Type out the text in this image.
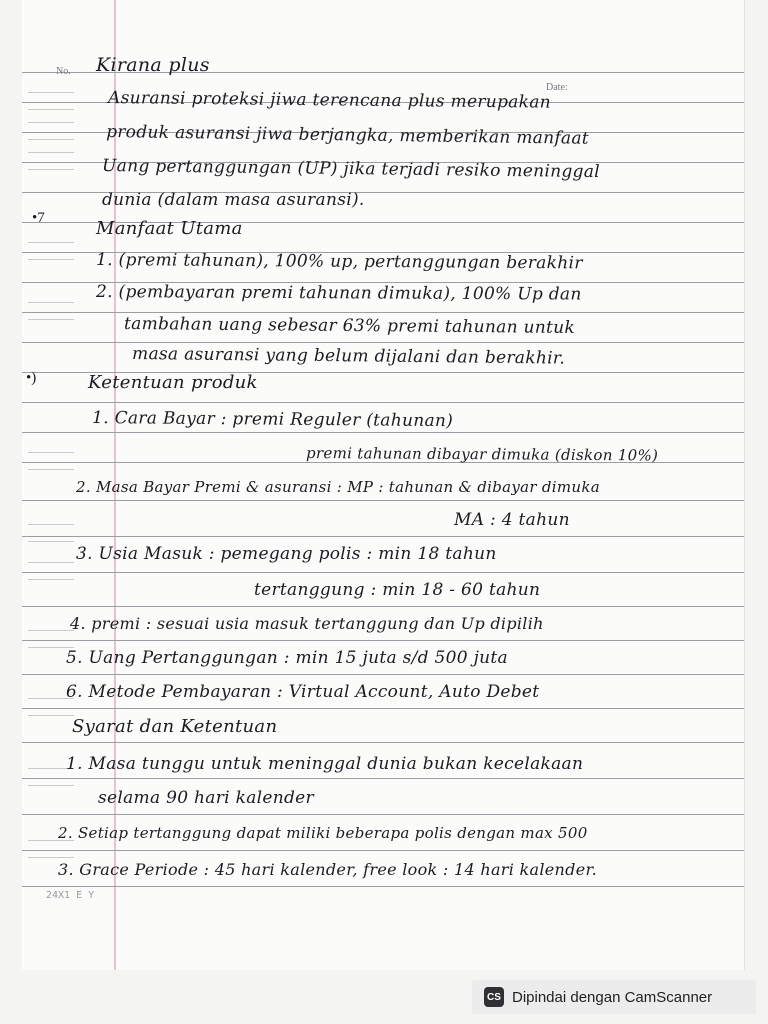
No.
Date:
•7
•)
Kirana plus
Asuransi proteksi jiwa terencana plus merupakan
produk asuransi jiwa berjangka, memberikan manfaat
Uang pertanggungan (UP) jika terjadi resiko meninggal
dunia (dalam masa asuransi).
Manfaat Utama
1. (premi tahunan), 100% up, pertanggungan berakhir
2. (pembayaran premi tahunan dimuka), 100% Up dan
tambahan uang sebesar 63% premi tahunan untuk
masa asuransi yang belum dijalani dan berakhir.
Ketentuan produk
1. Cara Bayar : premi Reguler (tahunan)
premi tahunan dibayar dimuka (diskon 10%)
2. Masa Bayar Premi & asuransi : MP : tahunan & dibayar dimuka
MA : 4 tahun
3. Usia Masuk : pemegang polis : min 18 tahun
tertanggung : min 18 - 60 tahun
4. premi : sesuai usia masuk tertanggung dan Up dipilih
5. Uang Pertanggungan : min 15 juta s/d 500 juta
6. Metode Pembayaran : Virtual Account, Auto Debet
Syarat dan Ketentuan
1. Masa tunggu untuk meninggal dunia bukan kecelakaan
selama 90 hari kalender
2. Setiap tertanggung dapat miliki beberapa polis dengan max 500
3. Grace Periode : 45 hari kalender, free look : 14 hari kalender.
24X1 E Y
CS Dipindai dengan CamScanner
